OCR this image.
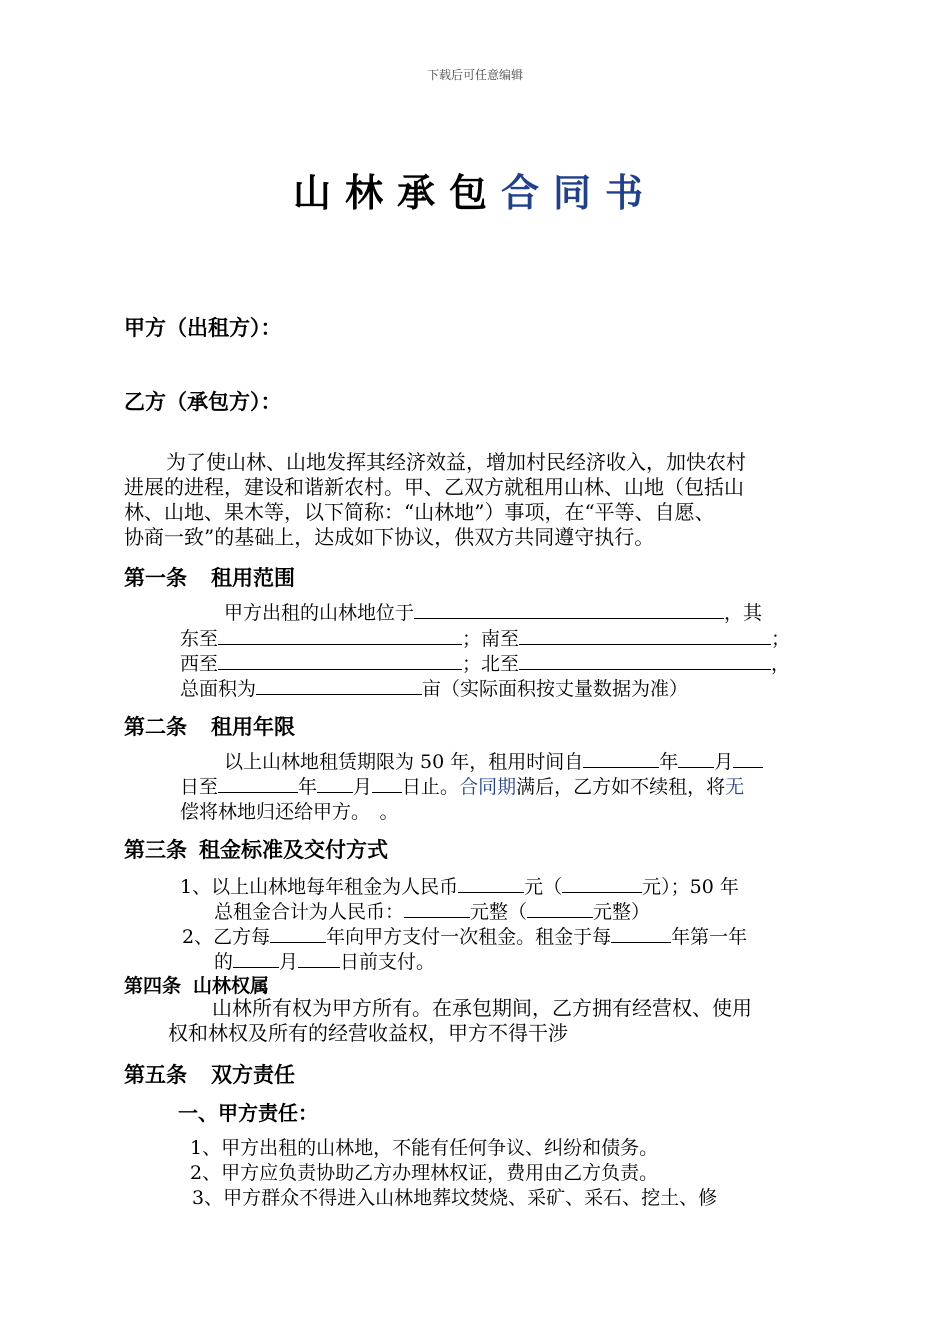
下载后可任意编辑
山林承包合同书
甲方（出租方）：
乙方（承包方）：
为了使山林、山地发挥其经济效益，增加村民经济收入，加快农村
进展的进程，建设和谐新农村。甲、乙双方就租用山林、山地（包括山
林、山地、果木等，以下简称：“山林地”）事项，在“平等、自愿、
协商一致”的基础上，达成如下协议，供双方共同遵守执行。
第一条 租用范围
甲方出租的山林地位于	，其
东至	；南至	；
西至	；北至	，
总面积为	亩（实际面积按丈量数据为准）
第二条 租用年限
以上山林地租赁期限为 50 年，租用时间自	年 月
日至	年 月 日止。合同期满后，乙方如不续租，将无
偿将林地归还给甲方。　。
第三条 租金标准及交付方式
1、以上山林地每年租金为人民币	元（	元）；50 年
总租金合计为人民币：	元整（	元整）
2、乙方每	年向甲方支付一次租金。租金于每	年第一年
的 月 日前支付。
第四条 山林权属
山林所有权为甲方所有。在承包期间，乙方拥有经营权、使用
权和林权及所有的经营收益权，甲方不得干涉
第五条 双方责任
一、甲方责任：
1、甲方出租的山林地，不能有任何争议、纠纷和债务。
2、甲方应负责协助乙方办理林权证，费用由乙方负责。
3、甲方群众不得进入山林地葬坟焚烧、采矿、采石、挖土、修
